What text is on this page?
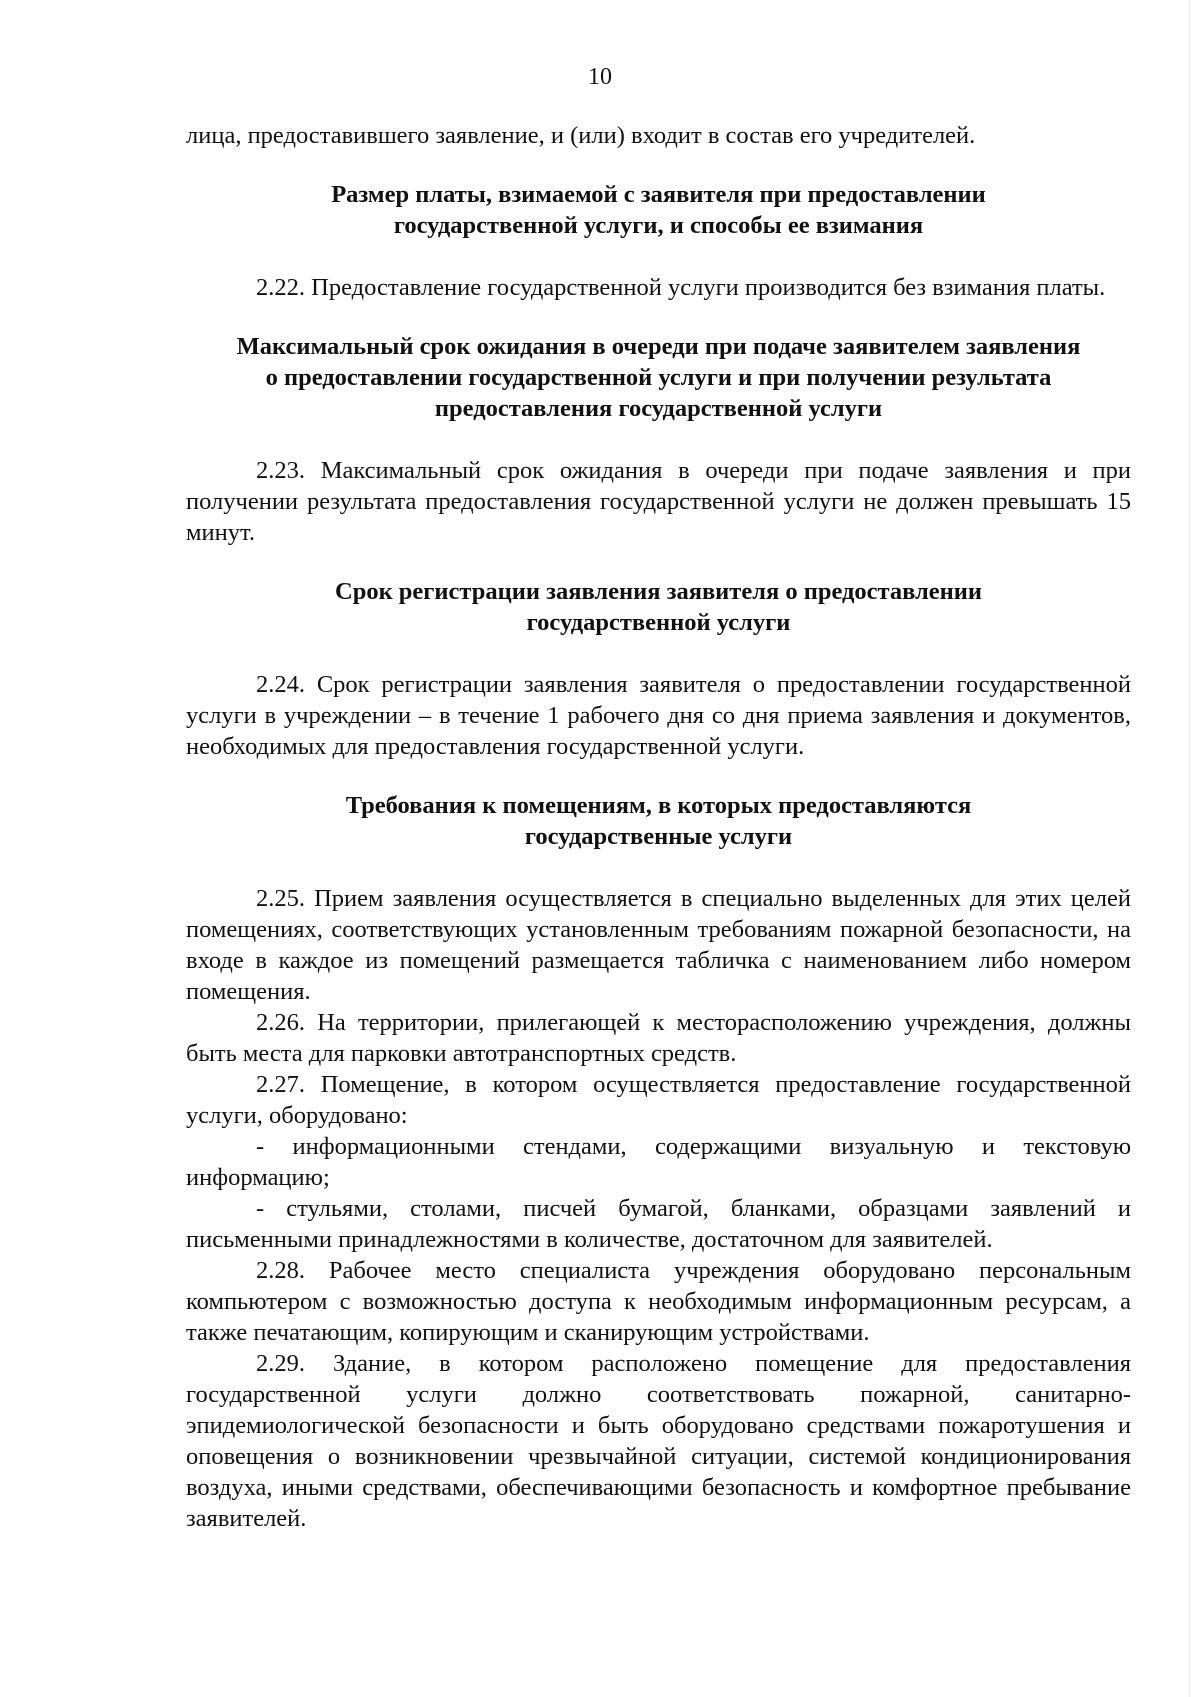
10

лица, предоставившего заявление, и (или) входит в состав его учредителей.

Размер платы, взимаемой с заявителя при предоставлении
государственной услуги, и способы ее взимания

2.22. Предоставление государственной услуги производится без взимания платы.

Максимальный срок ожидания в очереди при подаче заявителем заявления
о предоставлении государственной услуги и при получении результата
предоставления государственной услуги

2.23. Максимальный срок ожидания в очереди при подаче заявления и при получении результата предоставления государственной услуги не должен превышать 15 минут.

Срок регистрации заявления заявителя о предоставлении
государственной услуги

2.24. Срок регистрации заявления заявителя о предоставлении государственной услуги в учреждении – в течение 1 рабочего дня со дня приема заявления и документов, необходимых для предоставления государственной услуги.

Требования к помещениям, в которых предоставляются
государственные услуги

2.25. Прием заявления осуществляется в специально выделенных для этих целей помещениях, соответствующих установленным требованиям пожарной безопасности, на входе в каждое из помещений размещается табличка с наименованием либо номером помещения.

2.26. На территории, прилегающей к месторасположению учреждения, должны быть места для парковки автотранспортных средств.

2.27. Помещение, в котором осуществляется предоставление государственной услуги, оборудовано:

- информационными стендами, содержащими визуальную и текстовую информацию;

- стульями, столами, писчей бумагой, бланками, образцами заявлений и письменными принадлежностями в количестве, достаточном для заявителей.

2.28. Рабочее место специалиста учреждения оборудовано персональным компьютером с возможностью доступа к необходимым информационным ресурсам, а также печатающим, копирующим и сканирующим устройствами.

2.29. Здание, в котором расположено помещение для предоставления государственной услуги должно соответствовать пожарной, санитарно-эпидемиологической безопасности и быть оборудовано средствами пожаротушения и оповещения о возникновении чрезвычайной ситуации, системой кондиционирования воздуха, иными средствами, обеспечивающими безопасность и комфортное пребывание заявителей.
